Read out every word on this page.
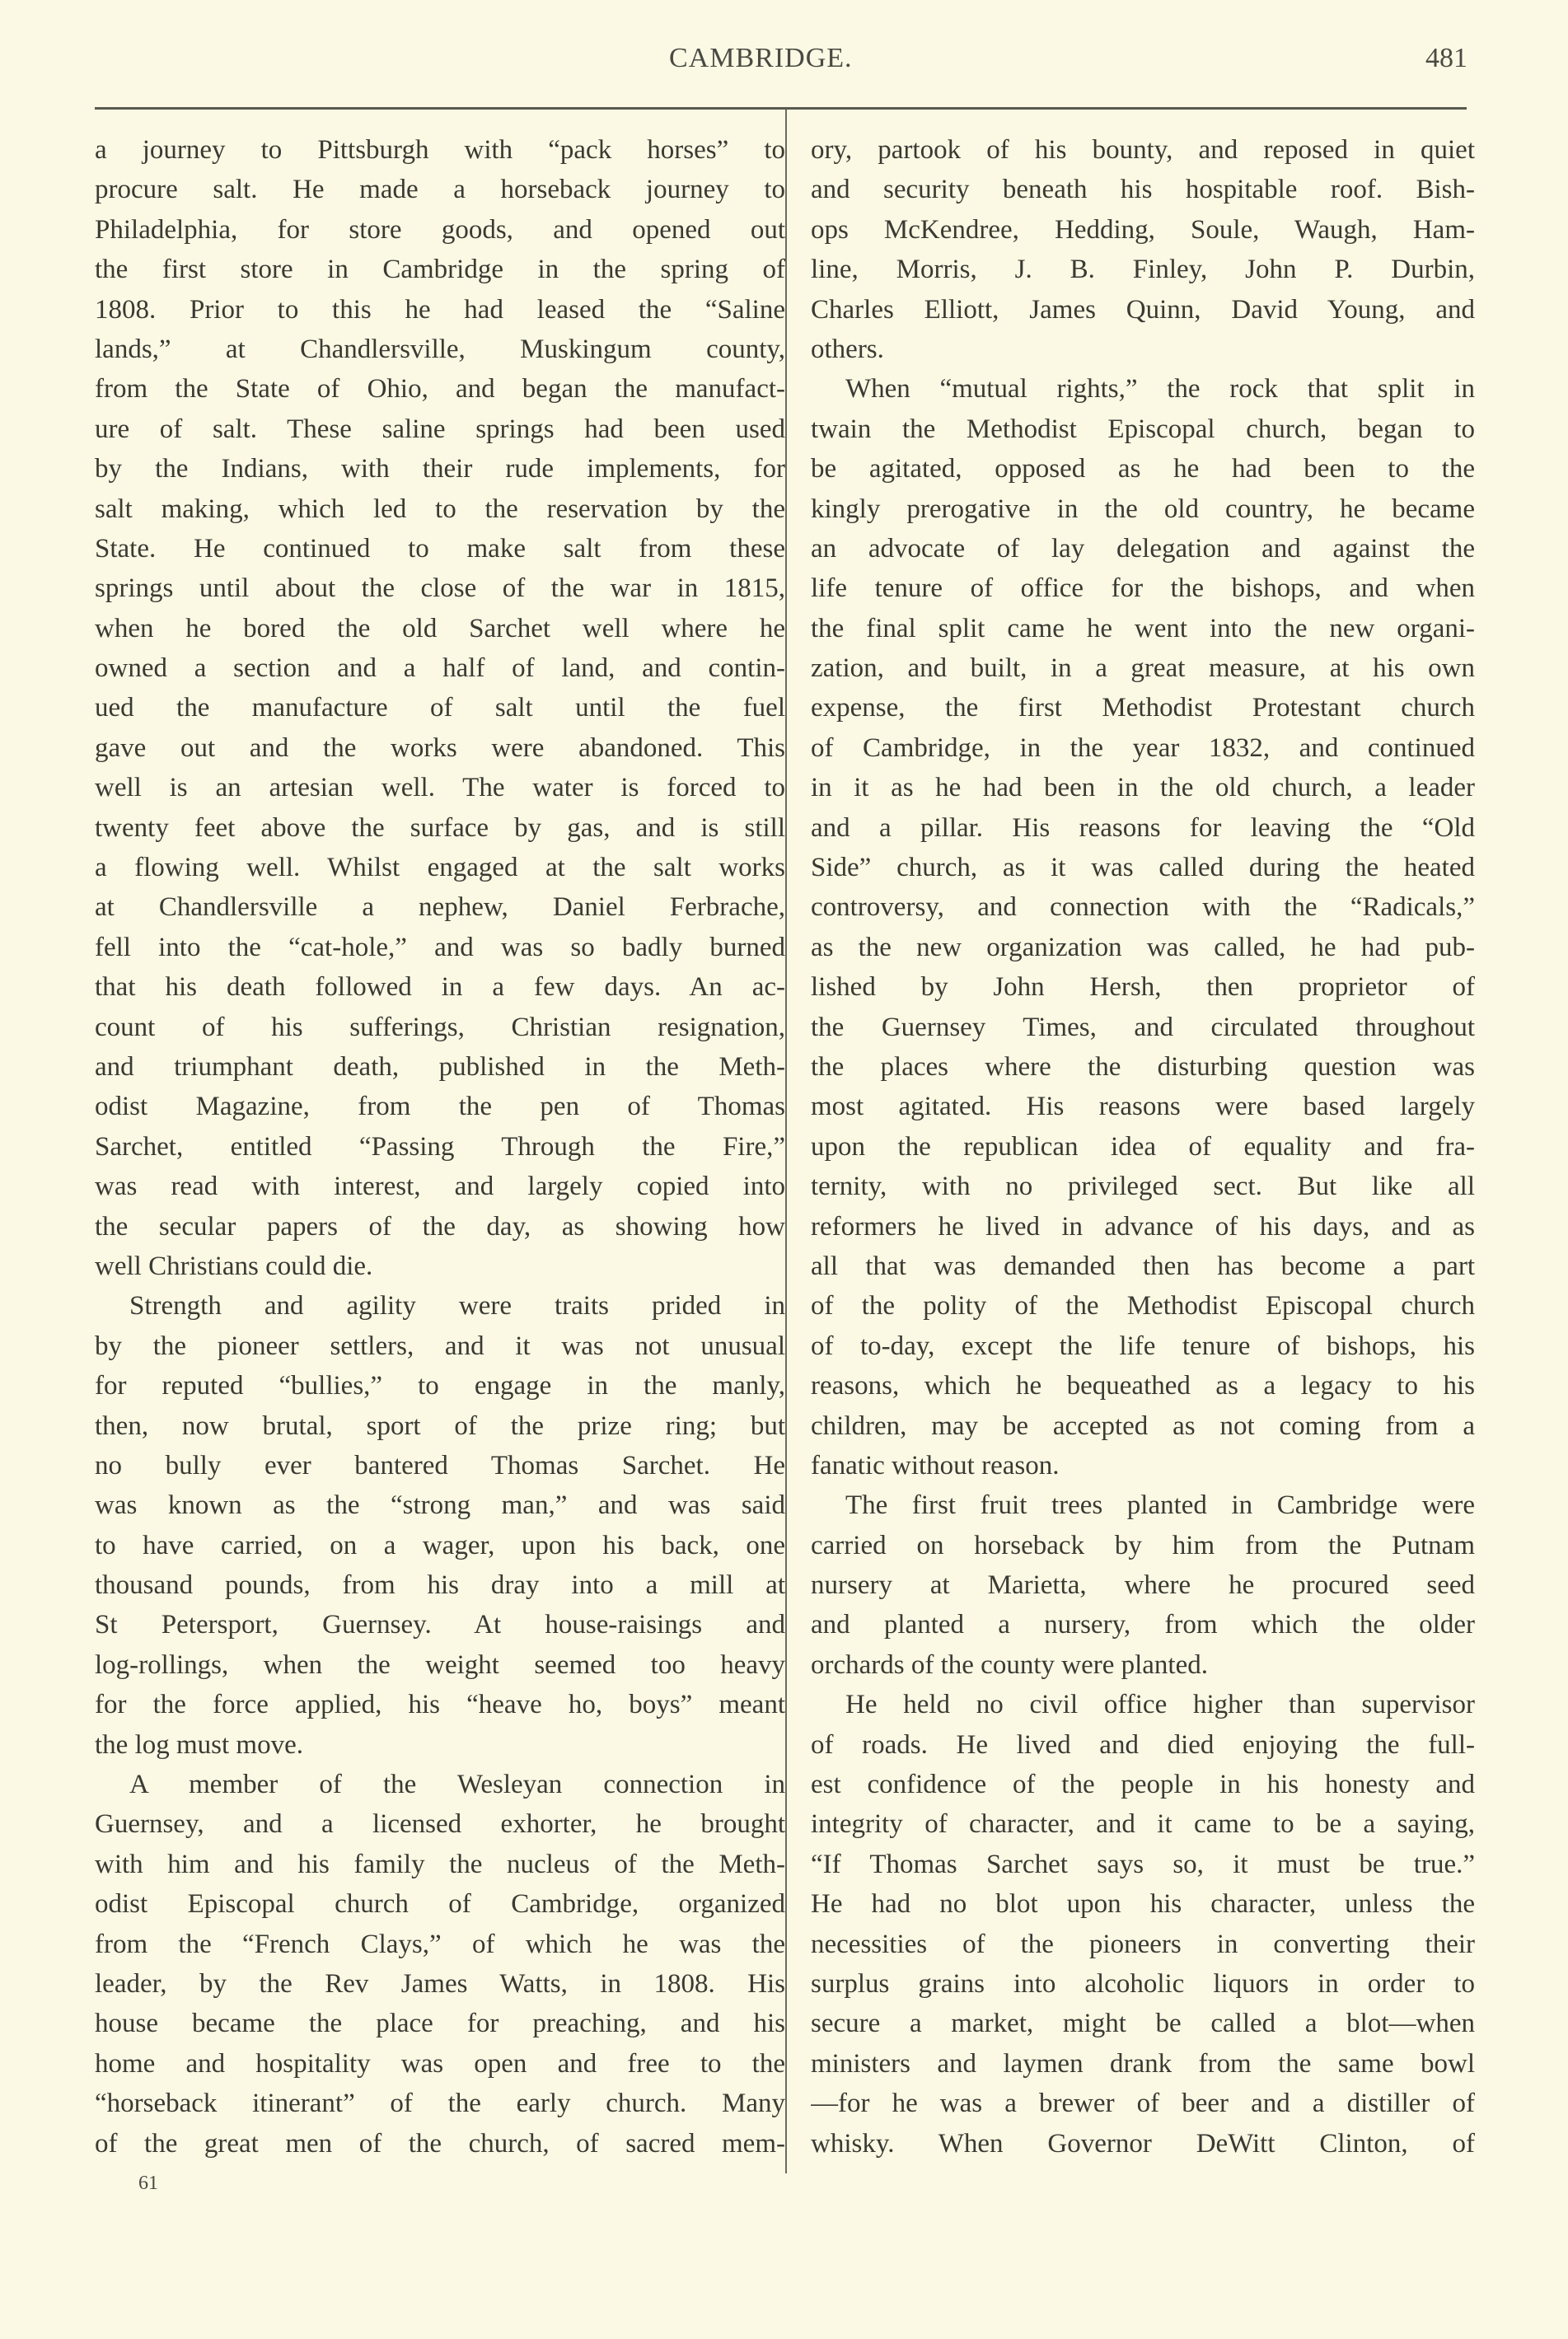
CAMBRIDGE.	481
a journey to Pittsburgh with “pack horses” to
procure salt. He made a horseback journey to
Philadelphia, for store goods, and opened out
the first store in Cambridge in the spring of
1808. Prior to this he had leased the “Saline
lands,” at Chandlersville, Muskingum county,
from the State of Ohio, and began the manufact-
ure of salt. These saline springs had been used
by the Indians, with their rude implements, for
salt making, which led to the reservation by the
State. He continued to make salt from these
springs until about the close of the war in 1815,
when he bored the old Sarchet well where he
owned a section and a half of land, and contin-
ued the manufacture of salt until the fuel
gave out and the works were abandoned. This
well is an artesian well. The water is forced to
twenty feet above the surface by gas, and is still
a flowing well. Whilst engaged at the salt works
at Chandlersville a nephew, Daniel Ferbrache,
fell into the “cat-hole,” and was so badly burned
that his death followed in a few days. An ac-
count of his sufferings, Christian resignation,
and triumphant death, published in the Meth-
odist Magazine, from the pen of Thomas
Sarchet, entitled “Passing Through the Fire,”
was read with interest, and largely copied into
the secular papers of the day, as showing how
well Christians could die.
Strength and agility were traits prided in
by the pioneer settlers, and it was not unusual
for reputed “bullies,” to engage in the manly,
then, now brutal, sport of the prize ring; but
no bully ever bantered Thomas Sarchet. He
was known as the “strong man,” and was said
to have carried, on a wager, upon his back, one
thousand pounds, from his dray into a mill at
St Petersport, Guernsey. At house-raisings and
log-rollings, when the weight seemed too heavy
for the force applied, his “heave ho, boys” meant
the log must move.
A member of the Wesleyan connection in
Guernsey, and a licensed exhorter, he brought
with him and his family the nucleus of the Meth-
odist Episcopal church of Cambridge, organized
from the “French Clays,” of which he was the
leader, by the Rev James Watts, in 1808. His
house became the place for preaching, and his
home and hospitality was open and free to the
“horseback itinerant” of the early church. Many
of the great men of the church, of sacred mem-
ory, partook of his bounty, and reposed in quiet
and security beneath his hospitable roof. Bish-
ops McKendree, Hedding, Soule, Waugh, Ham-
line, Morris, J. B. Finley, John P. Durbin,
Charles Elliott, James Quinn, David Young, and
others.
When “mutual rights,” the rock that split in
twain the Methodist Episcopal church, began to
be agitated, opposed as he had been to the
kingly prerogative in the old country, he became
an advocate of lay delegation and against the
life tenure of office for the bishops, and when
the final split came he went into the new organi-
zation, and built, in a great measure, at his own
expense, the first Methodist Protestant church
of Cambridge, in the year 1832, and continued
in it as he had been in the old church, a leader
and a pillar. His reasons for leaving the “Old
Side” church, as it was called during the heated
controversy, and connection with the “Radicals,”
as the new organization was called, he had pub-
lished by John Hersh, then proprietor of
the Guernsey Times, and circulated throughout
the places where the disturbing question was
most agitated. His reasons were based largely
upon the republican idea of equality and fra-
ternity, with no privileged sect. But like all
reformers he lived in advance of his days, and as
all that was demanded then has become a part
of the polity of the Methodist Episcopal church
of to-day, except the life tenure of bishops, his
reasons, which he bequeathed as a legacy to his
children, may be accepted as not coming from a
fanatic without reason.
The first fruit trees planted in Cambridge were
carried on horseback by him from the Putnam
nursery at Marietta, where he procured seed
and planted a nursery, from which the older
orchards of the county were planted.
He held no civil office higher than supervisor
of roads. He lived and died enjoying the full-
est confidence of the people in his honesty and
integrity of character, and it came to be a saying,
“If Thomas Sarchet says so, it must be true.”
He had no blot upon his character, unless the
necessities of the pioneers in converting their
surplus grains into alcoholic liquors in order to
secure a market, might be called a blot—when
ministers and laymen drank from the same bowl
—for he was a brewer of beer and a distiller of
whisky. When Governor DeWitt Clinton, of
61
